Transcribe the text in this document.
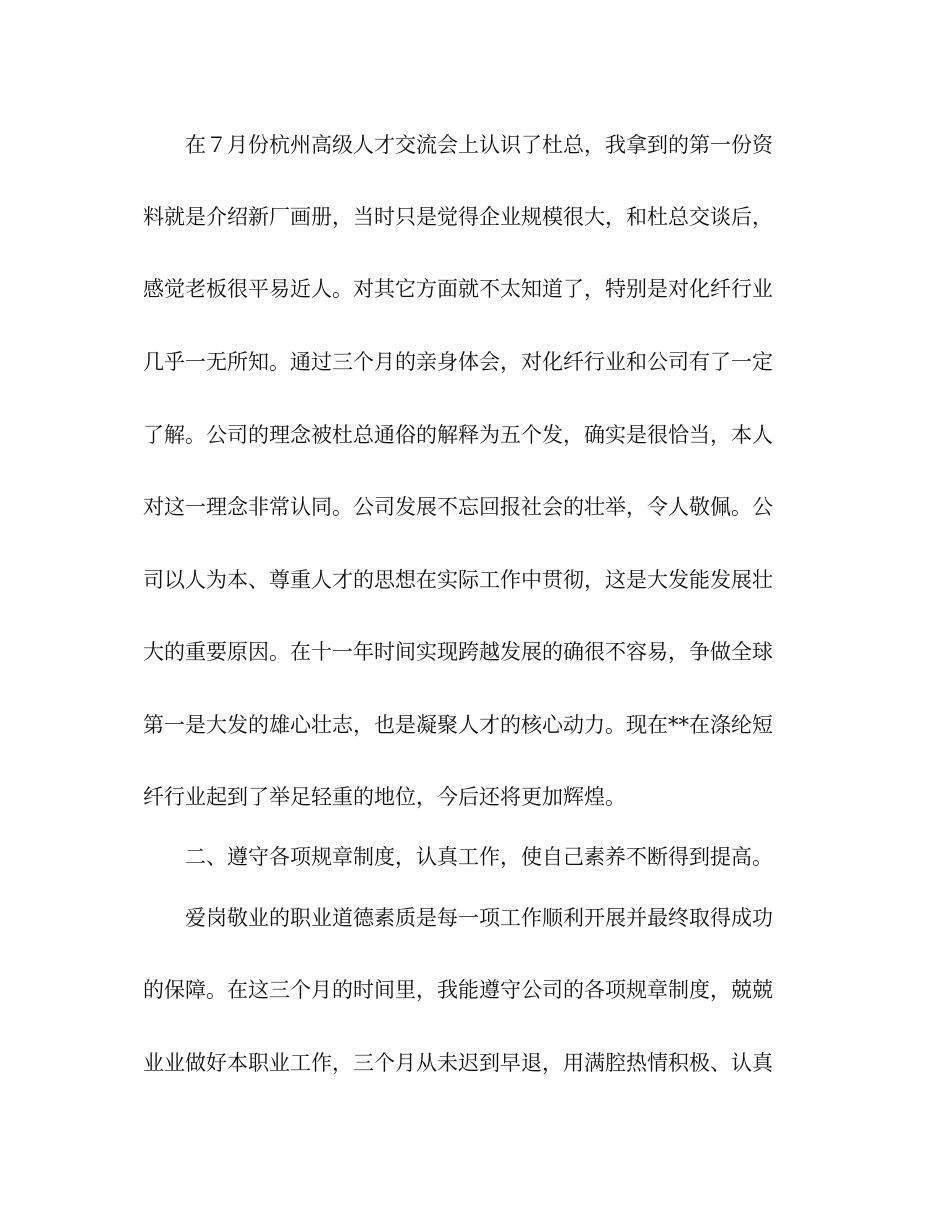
在７月份杭州高级人才交流会上认识了杜总，我拿到的第一份资
料就是介绍新厂画册，当时只是觉得企业规模很大，和杜总交谈后，
感觉老板很平易近人。对其它方面就不太知道了，特别是对化纤行业
几乎一无所知。通过三个月的亲身体会，对化纤行业和公司有了一定
了解。公司的理念被杜总通俗的解释为五个发，确实是很恰当，本人
对这一理念非常认同。公司发展不忘回报社会的壮举，令人敬佩。公
司以人为本、尊重人才的思想在实际工作中贯彻，这是大发能发展壮
大的重要原因。在十一年时间实现跨越发展的确很不容易，争做全球
第一是大发的雄心壮志，也是凝聚人才的核心动力。现在**在涤纶短
纤行业起到了举足轻重的地位，今后还将更加辉煌。
二、遵守各项规章制度，认真工作，使自己素养不断得到提高。
爱岗敬业的职业道德素质是每一项工作顺利开展并最终取得成功
的保障。在这三个月的时间里，我能遵守公司的各项规章制度，兢兢
业业做好本职业工作，三个月从未迟到早退，用满腔热情积极、认真
